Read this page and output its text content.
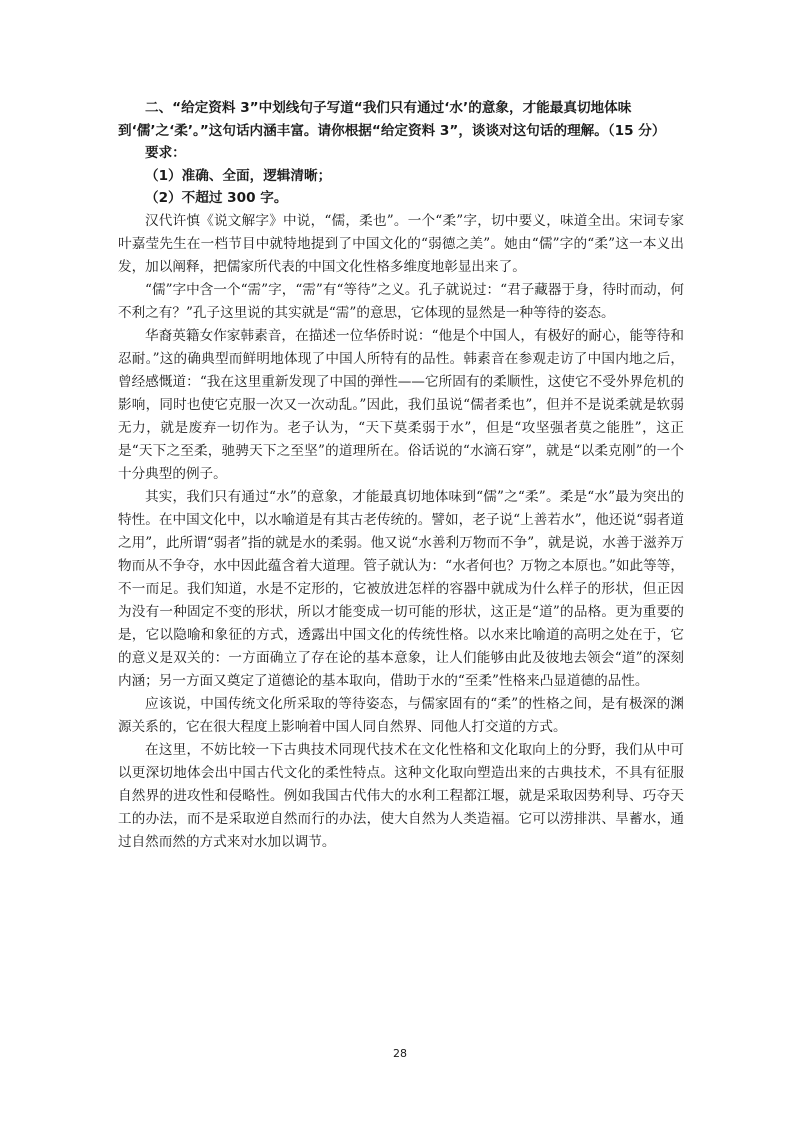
二、“给定资料 3”中划线句子写道“我们只有通过‘水’的意象，才能最真切地体味到‘儒’之‘柔’。”这句话内涵丰富。请你根据“给定资料 3”，谈谈对这句话的理解。（15 分）

要求：

（1）准确、全面，逻辑清晰；

（2）不超过 300 字。

汉代许慎《说文解字》中说，“儒，柔也”。一个“柔”字，切中要义，味道全出。宋词专家叶嘉莹先生在一档节目中就特地提到了中国文化的“弱德之美”。她由“儒”字的“柔”这一本义出发，加以阐释，把儒家所代表的中国文化性格多维度地彰显出来了。

“儒”字中含一个“需”字，“需”有“等待”之义。孔子就说过：“君子藏器于身，待时而动，何不利之有？”孔子这里说的其实就是“需”的意思，它体现的显然是一种等待的姿态。

华裔英籍女作家韩素音，在描述一位华侨时说：“他是个中国人，有极好的耐心，能等待和忍耐。”这的确典型而鲜明地体现了中国人所特有的品性。韩素音在参观走访了中国内地之后，曾经感慨道：“我在这里重新发现了中国的弹性——它所固有的柔顺性，这使它不受外界危机的影响，同时也使它克服一次又一次动乱。”因此，我们虽说“儒者柔也”，但并不是说柔就是软弱无力，就是废弃一切作为。老子认为，“天下莫柔弱于水”，但是“攻坚强者莫之能胜”，这正是“天下之至柔，驰骋天下之至坚”的道理所在。俗话说的“水滴石穿”，就是“以柔克刚”的一个十分典型的例子。

其实，我们只有通过“水”的意象，才能最真切地体味到“儒”之“柔”。柔是“水”最为突出的特性。在中国文化中，以水喻道是有其古老传统的。譬如，老子说“上善若水”，他还说“弱者道之用”，此所谓“弱者”指的就是水的柔弱。他又说“水善利万物而不争”，就是说，水善于滋养万物而从不争夺，水中因此蕴含着大道理。管子就认为：“水者何也？万物之本原也。”如此等等，不一而足。我们知道，水是不定形的，它被放进怎样的容器中就成为什么样子的形状，但正因为没有一种固定不变的形状，所以才能变成一切可能的形状，这正是“道”的品格。更为重要的是，它以隐喻和象征的方式，透露出中国文化的传统性格。以水来比喻道的高明之处在于，它的意义是双关的：一方面确立了存在论的基本意象，让人们能够由此及彼地去领会“道”的深刻内涵；另一方面又奠定了道德论的基本取向，借助于水的“至柔”性格来凸显道德的品性。

应该说，中国传统文化所采取的等待姿态，与儒家固有的“柔”的性格之间，是有极深的渊源关系的，它在很大程度上影响着中国人同自然界、同他人打交道的方式。

在这里，不妨比较一下古典技术同现代技术在文化性格和文化取向上的分野，我们从中可以更深切地体会出中国古代文化的柔性特点。这种文化取向塑造出来的古典技术，不具有征服自然界的进攻性和侵略性。例如我国古代伟大的水利工程都江堰，就是采取因势利导、巧夺天工的办法，而不是采取逆自然而行的办法，使大自然为人类造福。它可以涝排洪、旱蓄水，通过自然而然的方式来对水加以调节。

28
